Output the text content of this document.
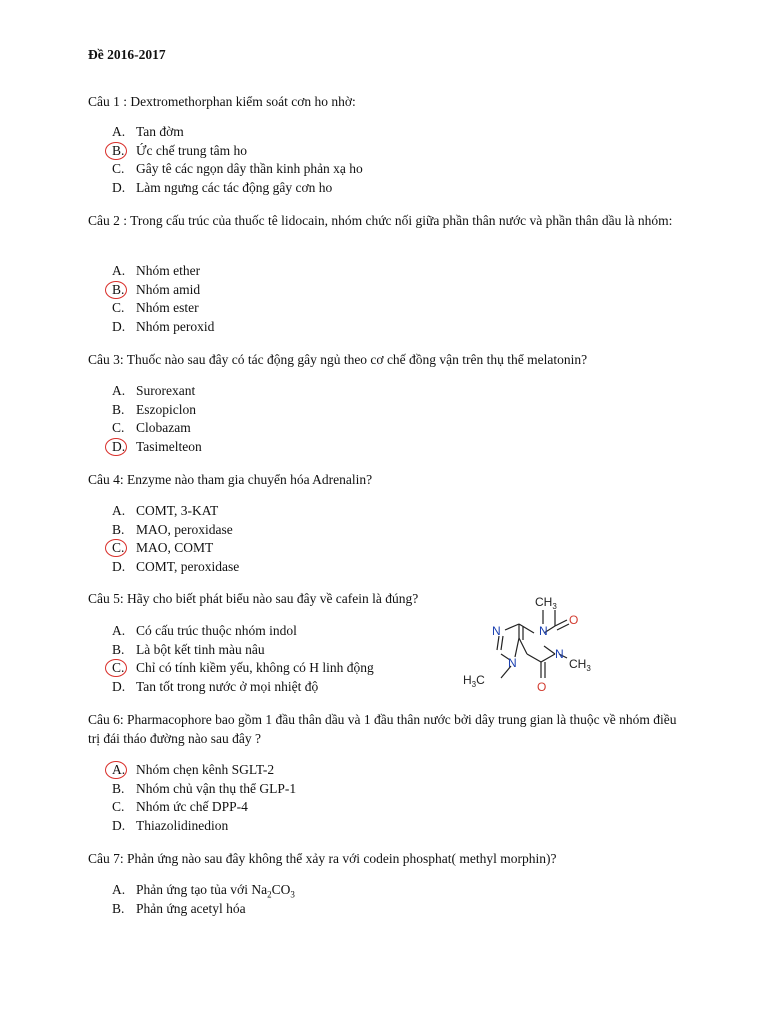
Đề 2016-2017
Câu 1 : Dextromethorphan kiểm soát cơn ho nhờ:
A. Tan đờm
B. Ức chế trung tâm ho
C. Gây tê các ngọn dây thần kinh phản xạ ho
D. Làm ngưng các tác động gây cơn ho
Câu 2 : Trong cấu trúc của thuốc tê lidocain, nhóm chức nối giữa phần thân nước và phần thân dầu là nhóm:
A. Nhóm ether
B. Nhóm amid
C. Nhóm ester
D. Nhóm peroxid
Câu 3: Thuốc nào sau đây có tác động gây ngủ theo cơ chế đồng vận trên thụ thể melatonin?
A. Surorexant
B. Eszopiclon
C. Clobazam
D. Tasimelteon
Câu 4: Enzyme nào tham gia chuyển hóa Adrenalin?
A. COMT, 3-KAT
B. MAO, peroxidase
C. MAO, COMT
D. COMT, peroxidase
Câu 5: Hãy cho biết phát biểu nào sau đây về cafein là đúng?
A. Có cấu trúc thuộc nhóm indol
B. Là bột kết tinh màu nâu
C. Chỉ có tính kiềm yếu, không có H linh động
D. Tan tốt trong nước ở mọi nhiệt độ
N
N
N
N
O
O
$CH_3$
$CH_3$
$H_3C$
Câu 6: Pharmacophore bao gồm 1 đầu thân dầu và 1 đầu thân nước bởi dây trung gian là thuộc về nhóm điều trị đái tháo đường nào sau đây ?
A. Nhóm chẹn kênh SGLT-2
B. Nhóm chủ vận thụ thể GLP-1
C. Nhóm ức chế DPP-4
D. Thiazolidinedion
Câu 7: Phản ứng nào sau đây không thể xảy ra với codein phosphat( methyl morphin)?
A. Phản ứng tạo tủa với $Na_2CO_3$
B. Phản ứng acetyl hóa
